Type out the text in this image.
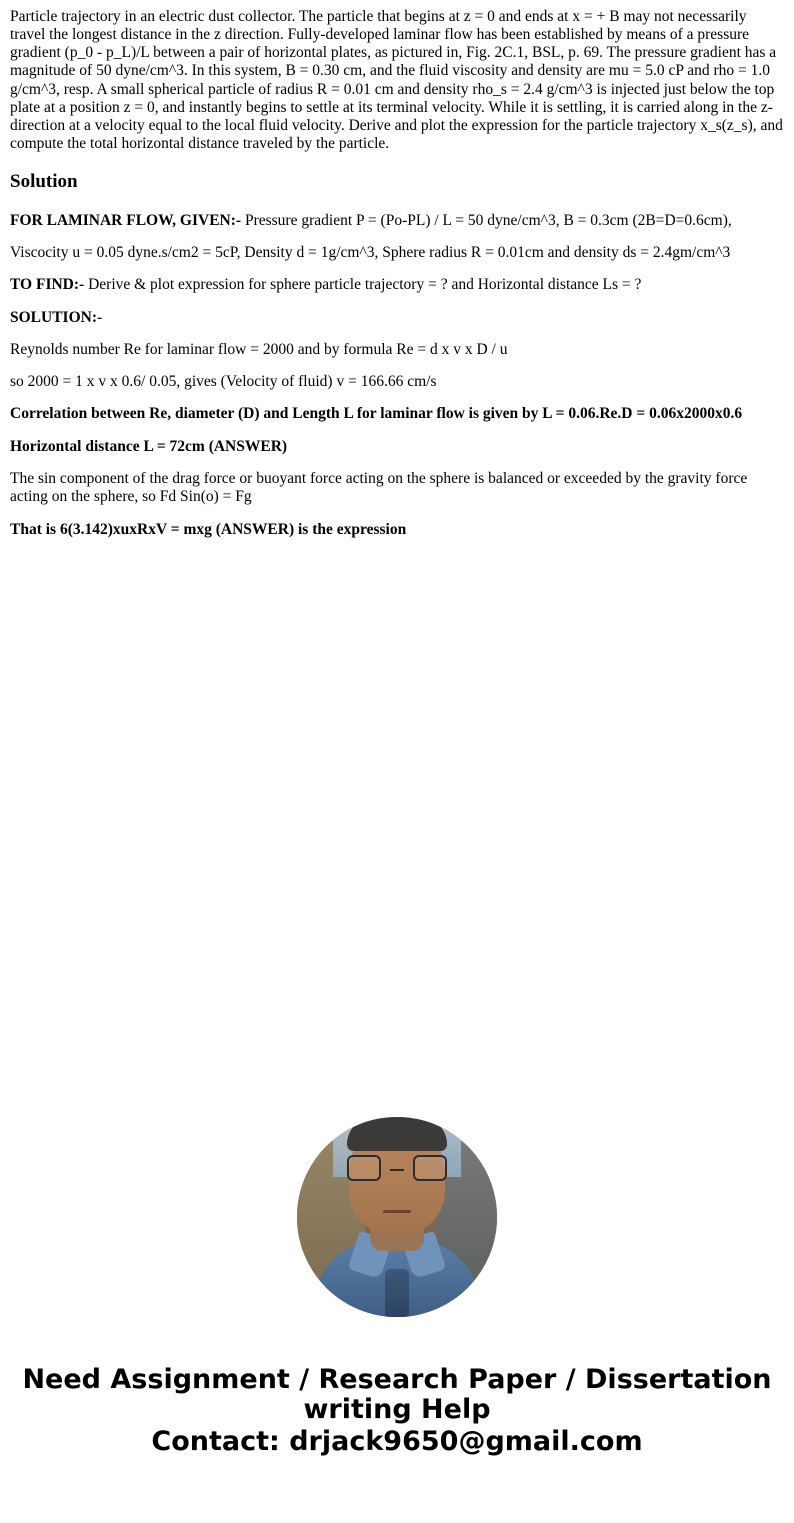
Particle trajectory in an electric dust collector. The particle that begins at z = 0 and ends at x = + B may not necessarily travel the longest distance in the z direction. Fully-developed laminar flow has been established by means of a pressure gradient (p_0 - p_L)/L between a pair of horizontal plates, as pictured in, Fig. 2C.1, BSL, p. 69. The pressure gradient has a magnitude of 50 dyne/cm^3. In this system, B = 0.30 cm, and the fluid viscosity and density are mu = 5.0 cP and rho = 1.0 g/cm^3, resp. A small spherical particle of radius R = 0.01 cm and density rho_s = 2.4 g/cm^3 is injected just below the top plate at a position z = 0, and instantly begins to settle at its terminal velocity. While it is settling, it is carried along in the z-direction at a velocity equal to the local fluid velocity. Derive and plot the expression for the particle trajectory x_s(z_s), and compute the total horizontal distance traveled by the particle.

Solution

FOR LAMINAR FLOW, GIVEN:- Pressure gradient P = (Po-PL) / L = 50 dyne/cm^3, B = 0.3cm (2B=D=0.6cm),

Viscocity u = 0.05 dyne.s/cm2 = 5cP, Density d = 1g/cm^3, Sphere radius R = 0.01cm and density ds = 2.4gm/cm^3

TO FIND:- Derive & plot expression for sphere particle trajectory = ? and Horizontal distance Ls = ?

SOLUTION:-

Reynolds number Re for laminar flow = 2000 and by formula Re = d x v x D / u

so 2000 = 1 x v x 0.6/ 0.05, gives (Velocity of fluid) v = 166.66 cm/s

Correlation between Re, diameter (D) and Length L for laminar flow is given by L = 0.06.Re.D = 0.06x2000x0.6

Horizontal distance L = 72cm (ANSWER)

The sin component of the drag force or buoyant force acting on the sphere is balanced or exceeded by the gravity force acting on the sphere, so Fd Sin(o) = Fg

That is 6(3.142)xuxRxV = mxg (ANSWER) is the expression

Need Assignment / Research Paper / Dissertation writing Help
Contact: drjack9650@gmail.com
